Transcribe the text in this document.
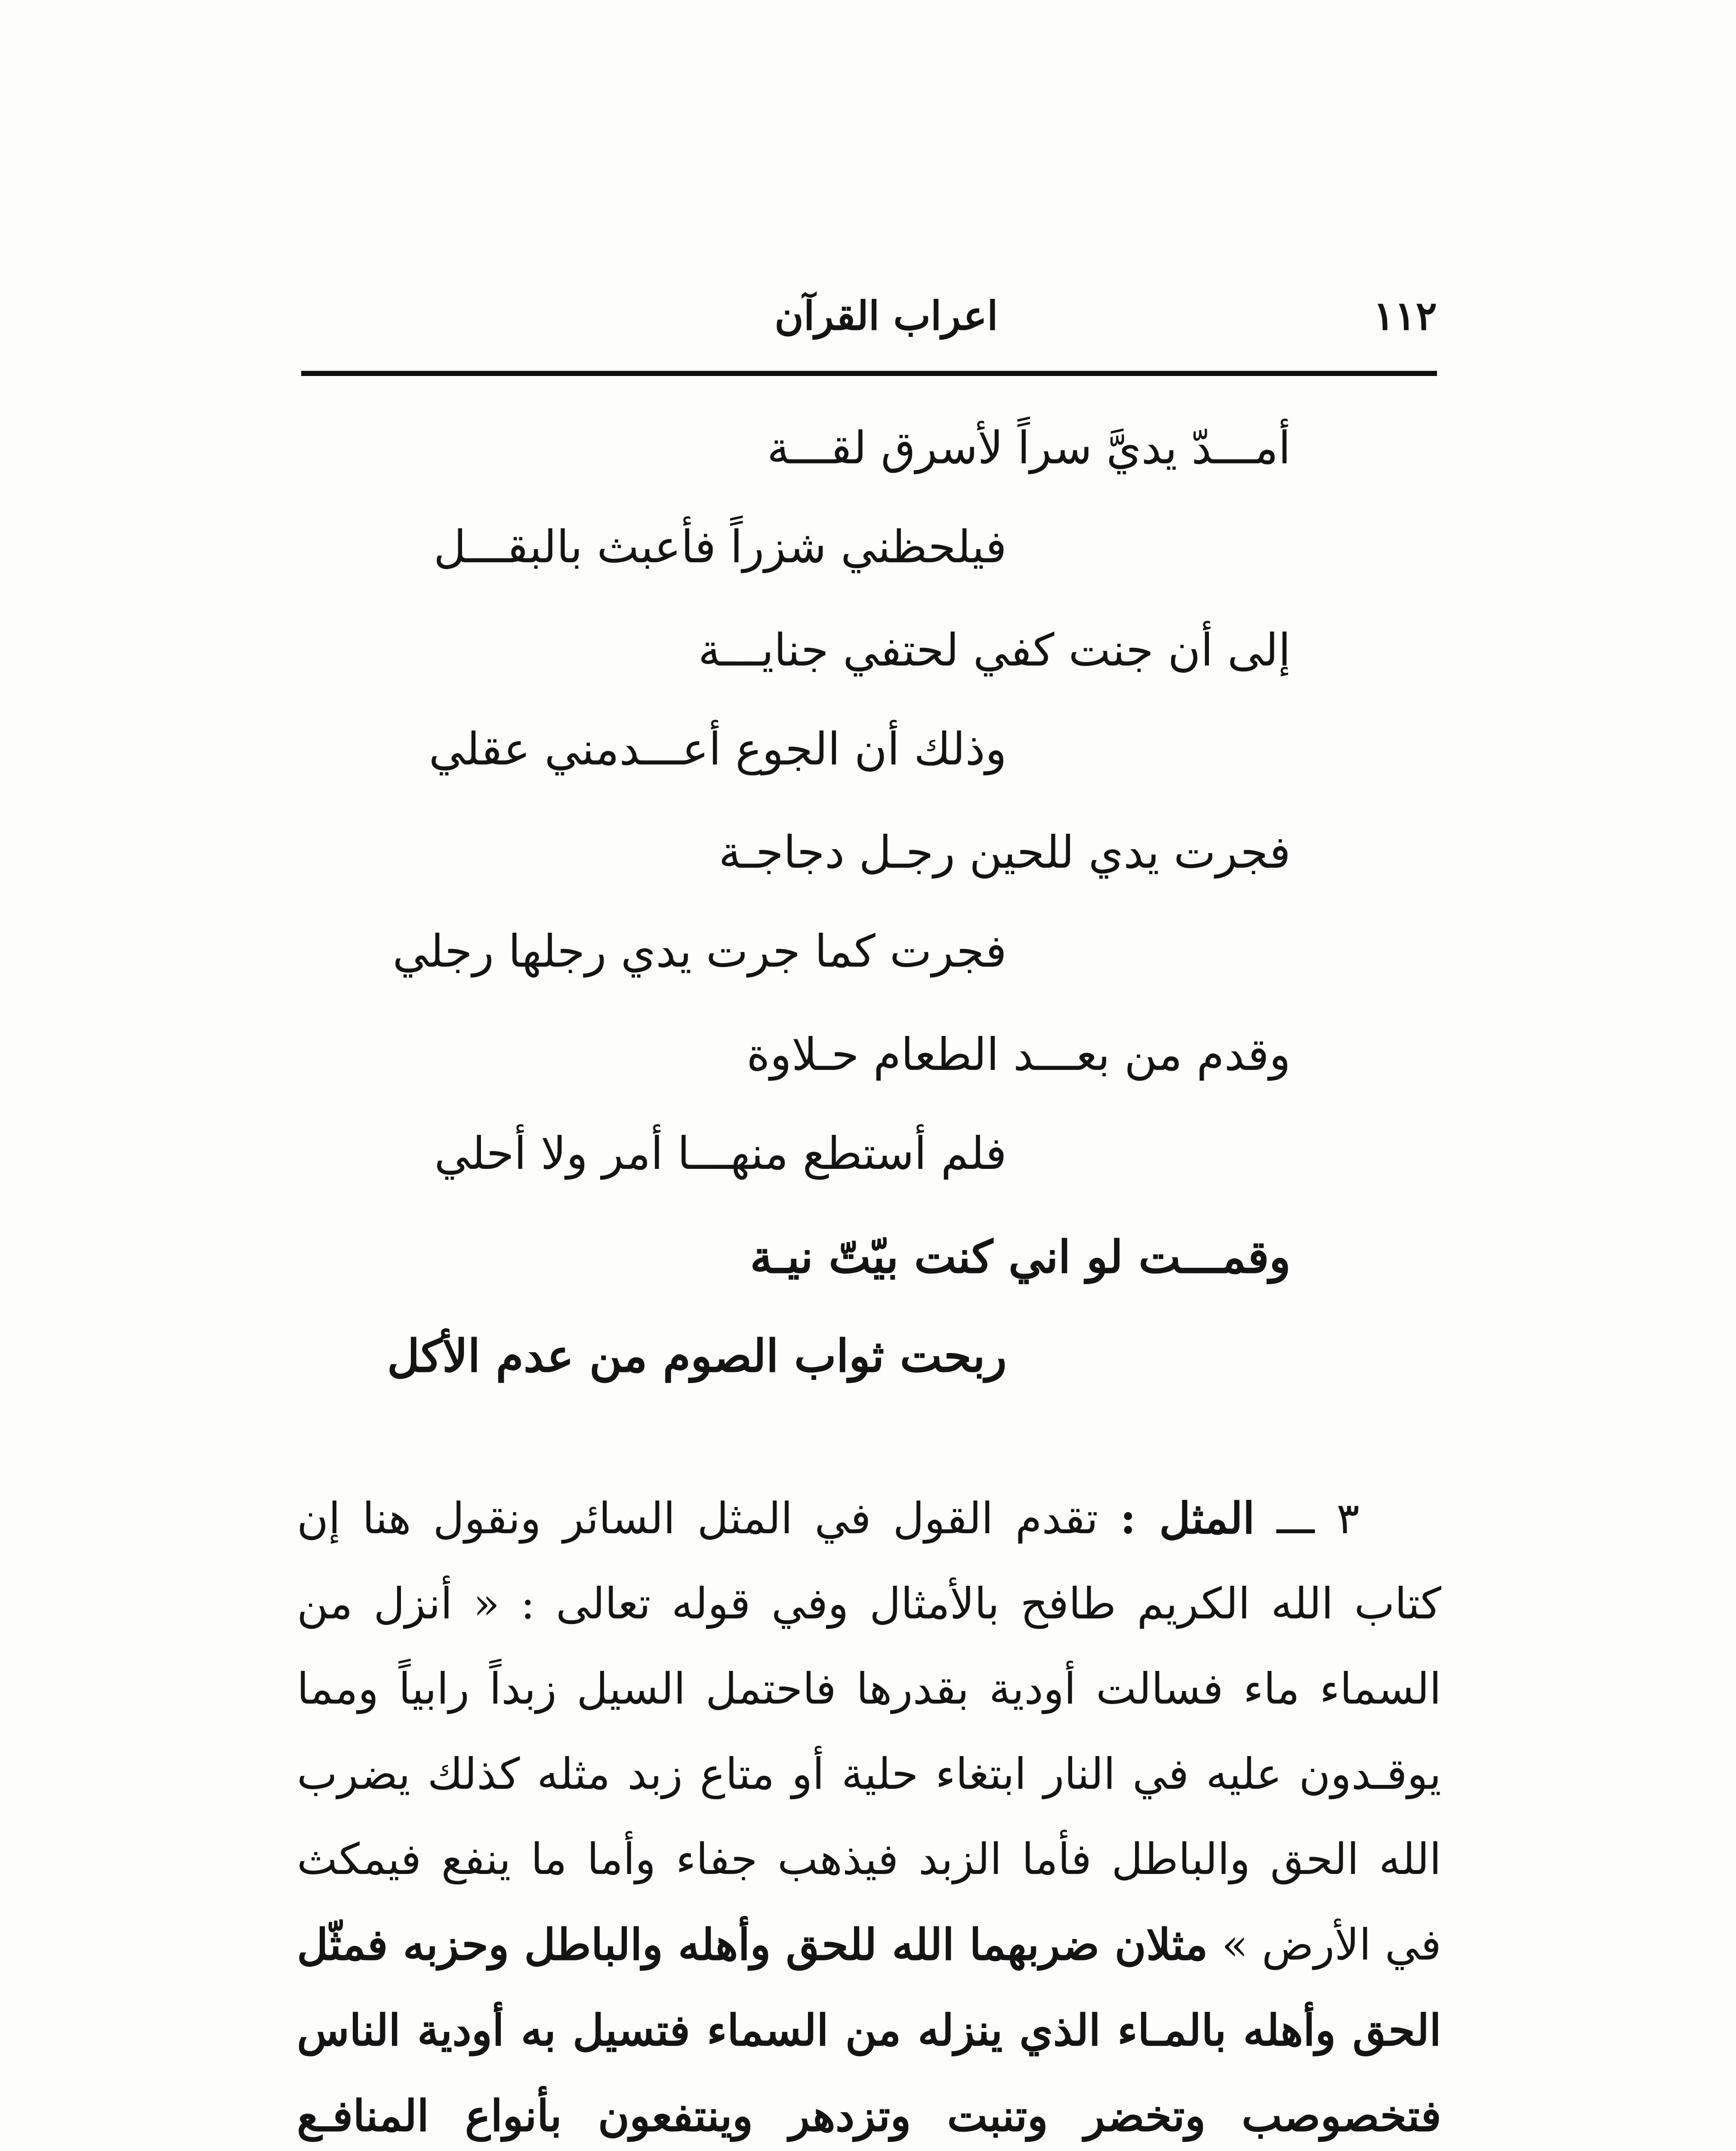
١١٢
اعراب القرآن
أمـــدّ يديَّ سراً لأسرق لقـــة
فيلحظني شزراً فأعبث بالبقـــل
إلى أن جنت كفي لحتفي جنايـــة
وذلك أن الجوع أعـــدمني عقلي
فجرت يدي للحين رجـل دجاجـة
فجرت كما جرت يدي رجلها رجلي
وقدم من بعـــد الطعام حـلاوة
فلم أستطع منهـــا أمر ولا أحلي
وقمـــت لو اني كنت بيّتّ نيـة
ربحت ثواب الصوم من عدم الأكل

٣ ـــ المثل : تقدم القول في المثل السائر ونقول هنا إن كتاب الله الكريم طافح بالأمثال وفي قوله تعالى : « أنزل من السماء ماء فسالت أودية بقدرها فاحتمل السيل زبداً رابياً ومما يوقـدون عليه في النار ابتغاء حلية أو متاع زبد مثله كذلك يضرب الله الحق والباطل فأما الزبد فيذهب جفاء وأما ما ينفع فيمكث في الأرض » مثلان ضربهما الله للحق وأهله والباطل وحزبه فمثّل الحق وأهله بالمـاء الذي ينزله من السماء فتسيل به أودية الناس فتخصوصب وتخضر وتنبت وتزدهر وينتفعون بأنواع المنافـع
